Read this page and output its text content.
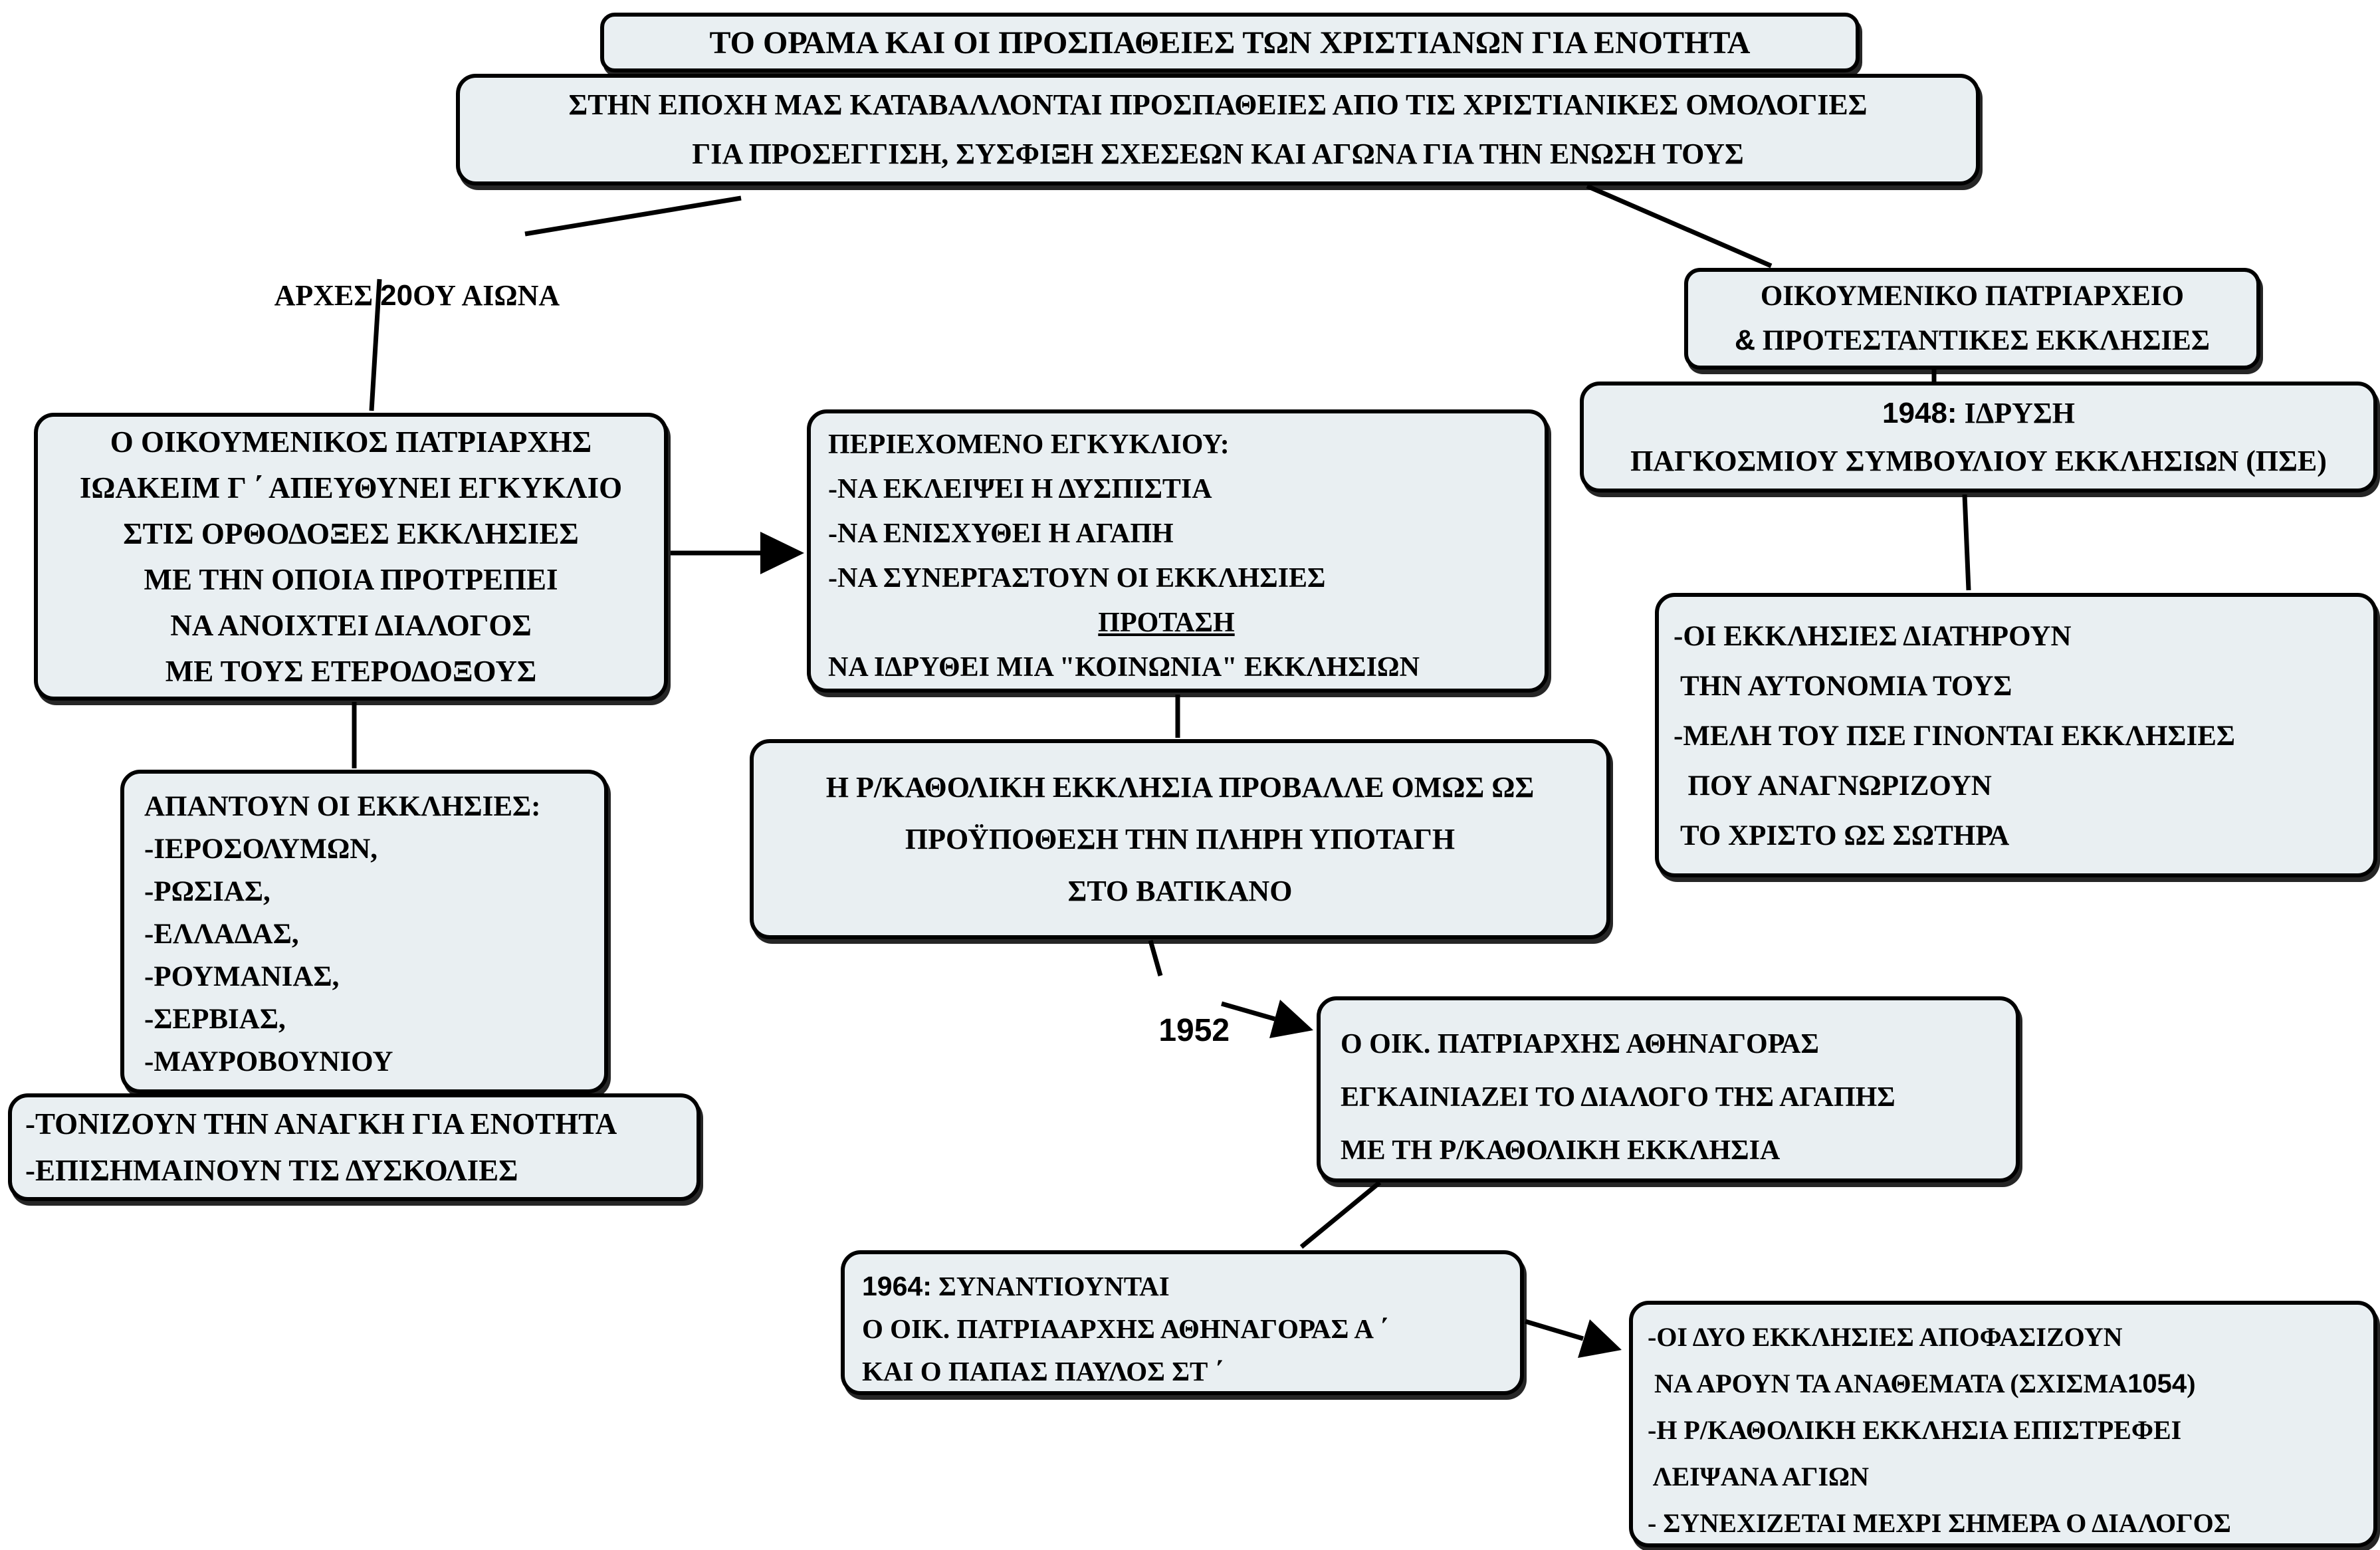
ΤΟ ΟΡΑΜΑ ΚΑΙ ΟΙ ΠΡΟΣΠΑΘΕΙΕΣ ΤΩΝ ΧΡΙΣΤΙΑΝΩΝ ΓΙΑ ΕΝΟΤΗΤΑ
ΣΤΗΝ ΕΠΟΧΗ ΜΑΣ ΚΑΤΑΒΑΛΛΟΝΤΑΙ ΠΡΟΣΠΑΘΕΙΕΣ ΑΠΟ ΤΙΣ ΧΡΙΣΤΙΑΝΙΚΕΣ ΟΜΟΛΟΓΙΕΣ
ΓΙΑ ΠΡΟΣΕΓΓΙΣΗ, ΣΥΣΦΙΞΗ ΣΧΕΣΕΩΝ ΚΑΙ ΑΓΩΝΑ ΓΙΑ ΤΗΝ ΕΝΩΣΗ ΤΟΥΣ

ΑΡΧΕΣ 20ΟΥ ΑΙΩΝΑ

Ο ΟΙΚΟΥΜΕΝΙΚΟΣ ΠΑΤΡΙΑΡΧΗΣ
ΙΩΑΚΕΙΜ Γ ΄ ΑΠΕΥΘΥΝΕΙ ΕΓΚΥΚΛΙΟ
ΣΤΙΣ ΟΡΘΟΔΟΞΕΣ ΕΚΚΛΗΣΙΕΣ
ΜΕ ΤΗΝ ΟΠΟΙΑ ΠΡΟΤΡΕΠΕΙ
ΝΑ ΑΝΟΙΧΤΕΙ ΔΙΑΛΟΓΟΣ
ΜΕ ΤΟΥΣ ΕΤΕΡΟΔΟΞΟΥΣ
ΠΕΡΙΕΧΟΜΕΝΟ ΕΓΚΥΚΛΙΟΥ:
-ΝΑ ΕΚΛΕΙΨΕΙ Η ΔΥΣΠΙΣΤΙΑ
-ΝΑ ΕΝΙΣΧΥΘΕΙ Η ΑΓΑΠΗ
-ΝΑ ΣΥΝΕΡΓΑΣΤΟΥΝ ΟΙ ΕΚΚΛΗΣΙΕΣ
ΠΡΟΤΑΣΗ
ΝΑ ΙΔΡΥΘΕΙ ΜΙΑ "ΚΟΙΝΩΝΙΑ" ΕΚΚΛΗΣΙΩΝ
ΟΙΚΟΥΜΕΝΙΚΟ ΠΑΤΡΙΑΡΧΕΙΟ
& ΠΡΟΤΕΣΤΑΝΤΙΚΕΣ ΕΚΚΛΗΣΙΕΣ
1948: ΙΔΡΥΣΗ
ΠΑΓΚΟΣΜΙΟΥ ΣΥΜΒΟΥΛΙΟΥ ΕΚΚΛΗΣΙΩΝ (ΠΣΕ)
-ΟΙ ΕΚΚΛΗΣΙΕΣ ΔΙΑΤΗΡΟΥΝ
ΤΗΝ ΑΥΤΟΝΟΜΙΑ ΤΟΥΣ
-ΜΕΛΗ ΤΟΥ ΠΣΕ ΓΙΝΟΝΤΑΙ ΕΚΚΛΗΣΙΕΣ
ΠΟΥ ΑΝΑΓΝΩΡΙΖΟΥΝ
ΤΟ ΧΡΙΣΤΟ ΩΣ ΣΩΤΗΡΑ
ΑΠΑΝΤΟΥΝ ΟΙ ΕΚΚΛΗΣΙΕΣ:
-ΙΕΡΟΣΟΛΥΜΩΝ,
-ΡΩΣΙΑΣ,
-ΕΛΛΑΔΑΣ,
-ΡΟΥΜΑΝΙΑΣ,
-ΣΕΡΒΙΑΣ,
-ΜΑΥΡΟΒΟΥΝΙΟΥ
-ΤΟΝΙΖΟΥΝ ΤΗΝ ΑΝΑΓΚΗ ΓΙΑ ΕΝΟΤΗΤΑ
-ΕΠΙΣΗΜΑΙΝΟΥΝ ΤΙΣ ΔΥΣΚΟΛΙΕΣ
Η Ρ/ΚΑΘΟΛΙΚΗ ΕΚΚΛΗΣΙΑ ΠΡΟΒΑΛΛΕ ΟΜΩΣ ΩΣ
ΠΡΟΫΠΟΘΕΣΗ ΤΗΝ ΠΛΗΡΗ ΥΠΟΤΑΓΗ
ΣΤΟ ΒΑΤΙΚΑΝΟ

1952
	Ο ΟΙΚ. ΠΑΤΡΙΑΡΧΗΣ ΑΘΗΝΑΓΟΡΑΣ
ΕΓΚΑΙΝΙΑΖΕΙ ΤΟ ΔΙΑΛΟΓΟ ΤΗΣ ΑΓΑΠΗΣ
ΜΕ ΤΗ Ρ/ΚΑΘΟΛΙΚΗ ΕΚΚΛΗΣΙΑ
1964: ΣΥΝΑΝΤΙΟΥΝΤΑΙ
Ο ΟΙΚ. ΠΑΤΡΙΑΑΡΧΗΣ ΑΘΗΝΑΓΟΡΑΣ Α ΄
ΚΑΙ Ο ΠΑΠΑΣ ΠΑΥΛΟΣ ΣΤ ΄
-ΟΙ ΔΥΟ ΕΚΚΛΗΣΙΕΣ ΑΠΟΦΑΣΙΖΟΥΝ
ΝΑ ΑΡΟΥΝ ΤΑ ΑΝΑΘΕΜΑΤΑ (ΣΧΙΣΜΑ1054)
-Η Ρ/ΚΑΘΟΛΙΚΗ ΕΚΚΛΗΣΙΑ ΕΠΙΣΤΡΕΦΕΙ
ΛΕΙΨΑΝΑ ΑΓΙΩΝ
- ΣΥΝΕΧΙΖΕΤΑΙ ΜΕΧΡΙ ΣΗΜΕΡΑ Ο ΔΙΑΛΟΓΟΣ
